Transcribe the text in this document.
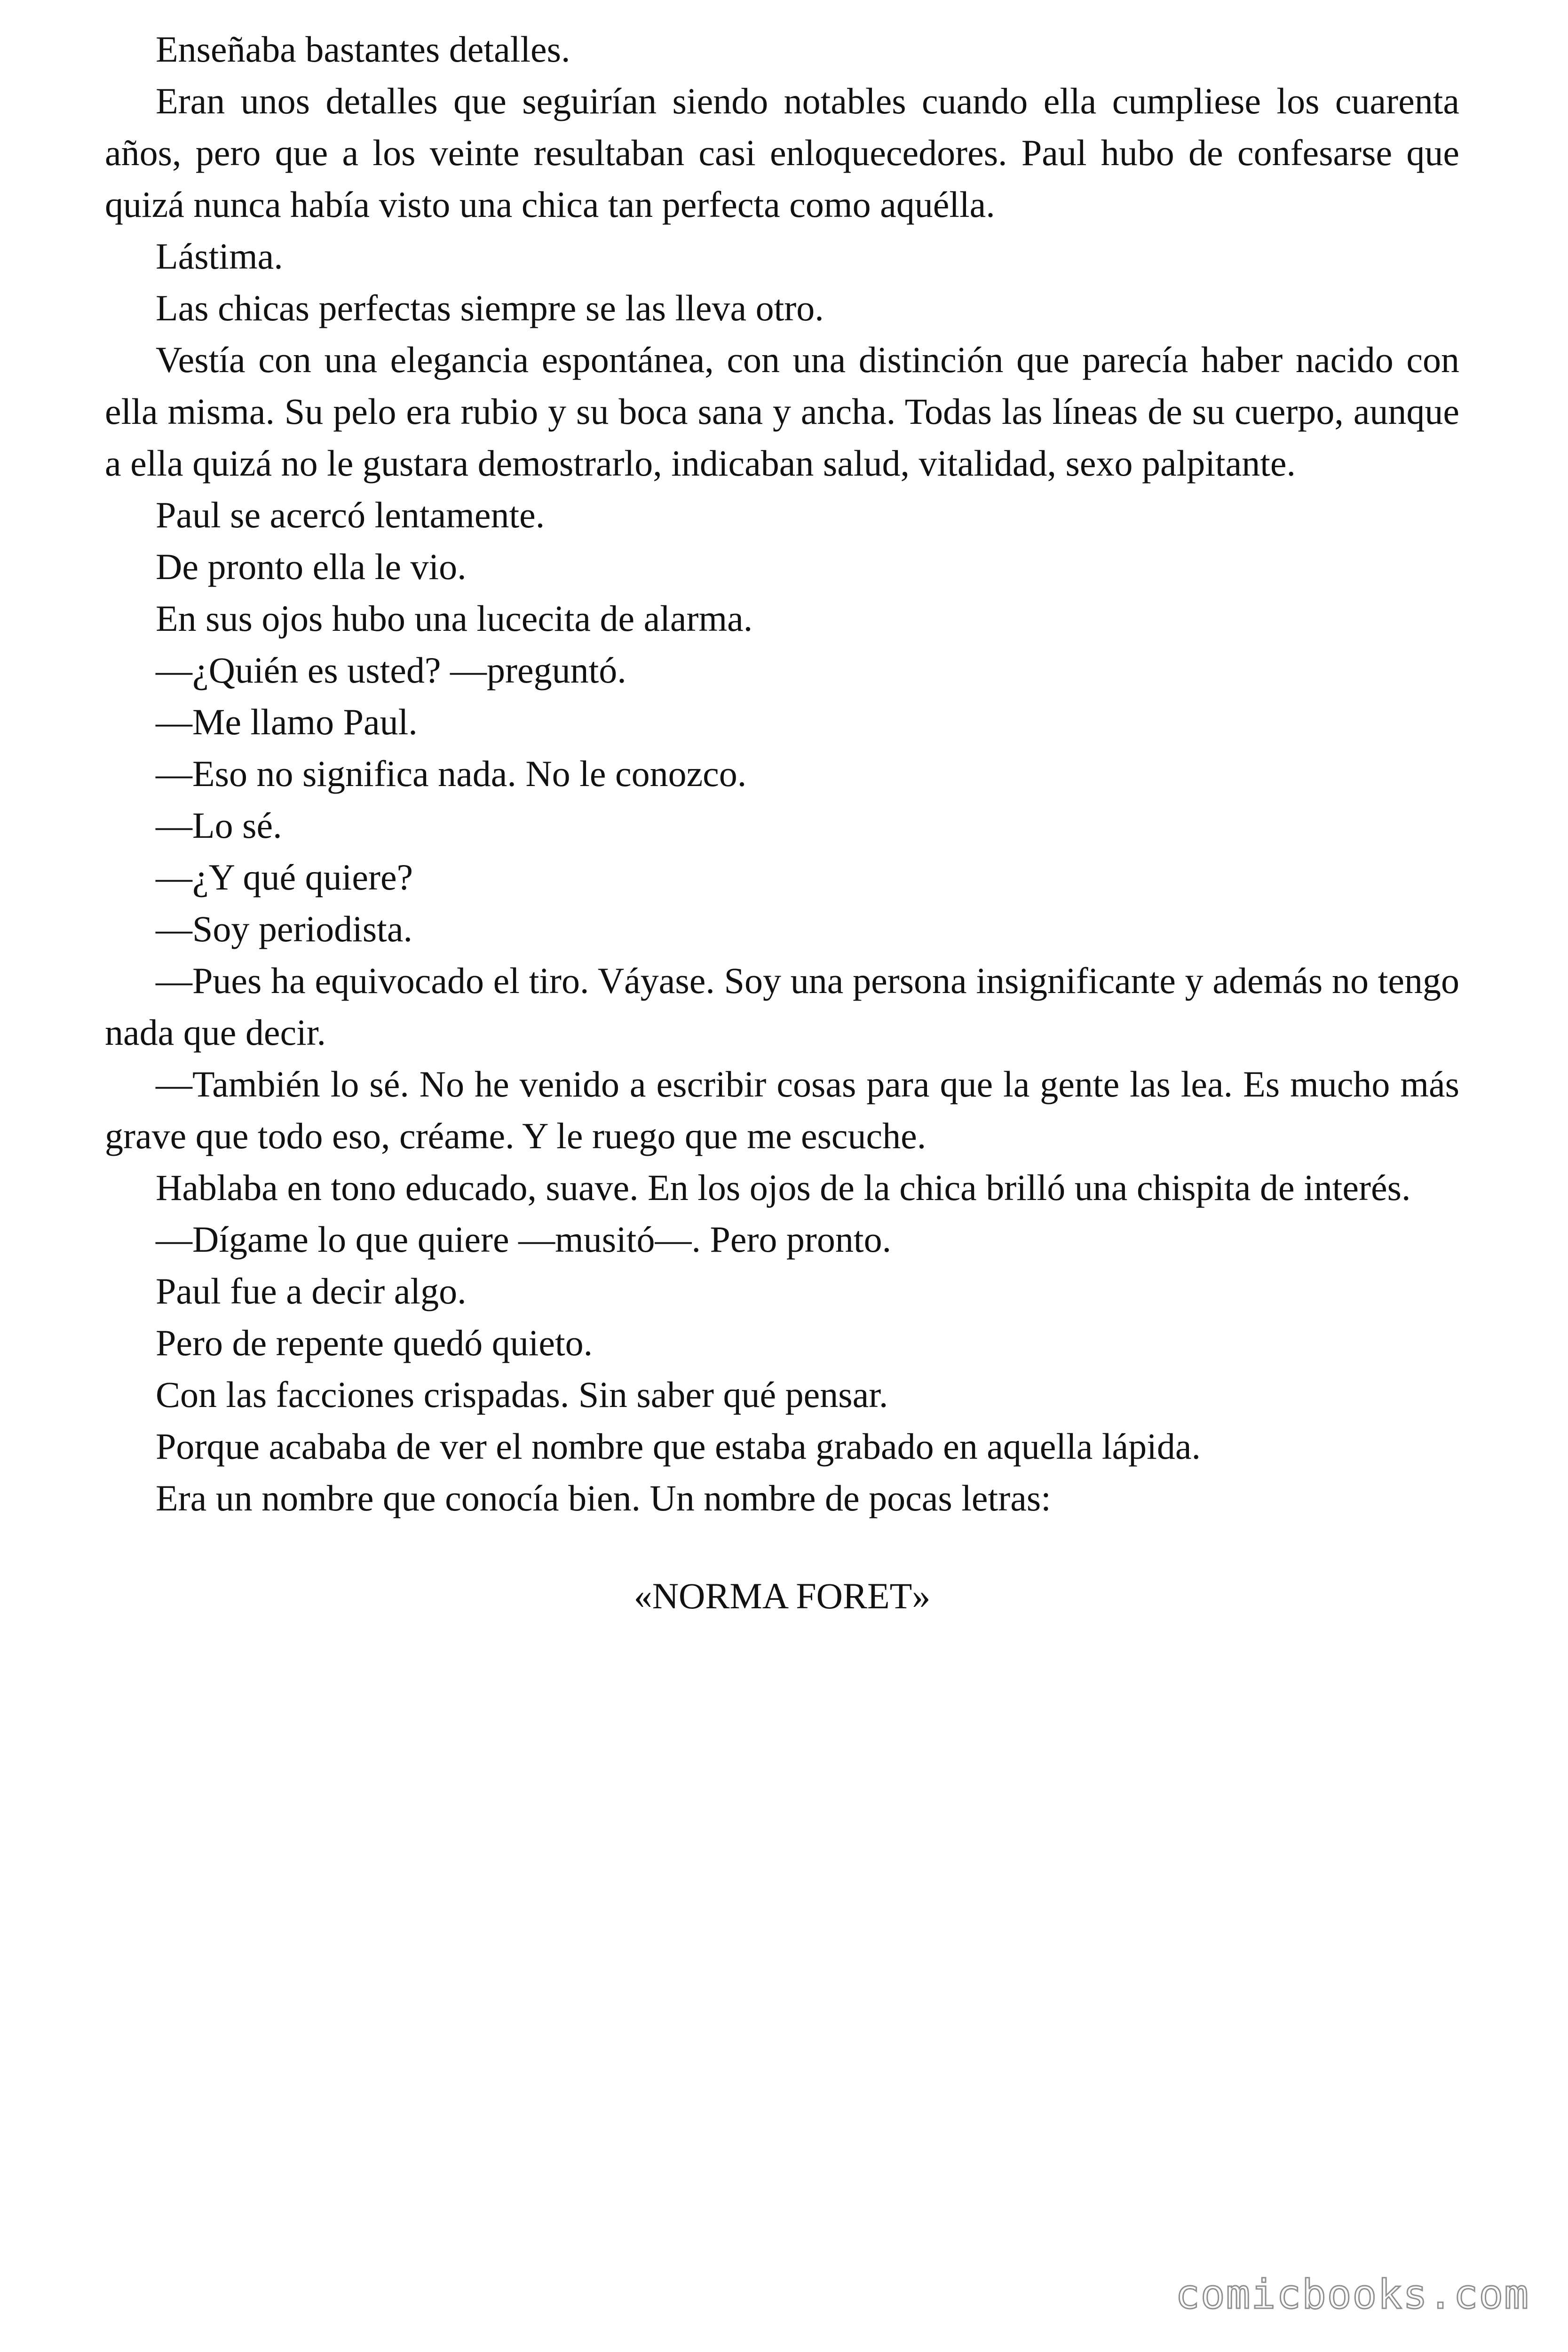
Enseñaba bastantes detalles.

Eran unos detalles que seguirían siendo notables cuando ella cumpliese los cuarenta años, pero que a los veinte resultaban casi enloquecedores. Paul hubo de confesarse que quizá nunca había visto una chica tan perfecta como aquélla.

Lástima.

Las chicas perfectas siempre se las lleva otro.

Vestía con una elegancia espontánea, con una distinción que parecía haber nacido con ella misma. Su pelo era rubio y su boca sana y ancha. Todas las líneas de su cuerpo, aunque a ella quizá no le gustara demostrarlo, indicaban salud, vitalidad, sexo palpitante.

Paul se acercó lentamente.

De pronto ella le vio.

En sus ojos hubo una lucecita de alarma.

—¿Quién es usted? —preguntó.

—Me llamo Paul.

—Eso no significa nada. No le conozco.

—Lo sé.

—¿Y qué quiere?

—Soy periodista.

—Pues ha equivocado el tiro. Váyase. Soy una persona insignificante y además no tengo nada que decir.

—También lo sé. No he venido a escribir cosas para que la gente las lea. Es mucho más grave que todo eso, créame. Y le ruego que me escuche.

Hablaba en tono educado, suave. En los ojos de la chica brilló una chispita de interés.

—Dígame lo que quiere —musitó—. Pero pronto.

Paul fue a decir algo.

Pero de repente quedó quieto.

Con las facciones crispadas. Sin saber qué pensar.

Porque acababa de ver el nombre que estaba grabado en aquella lápida.

Era un nombre que conocía bien. Un nombre de pocas letras:

«NORMA FORET»

comicbooks.com
